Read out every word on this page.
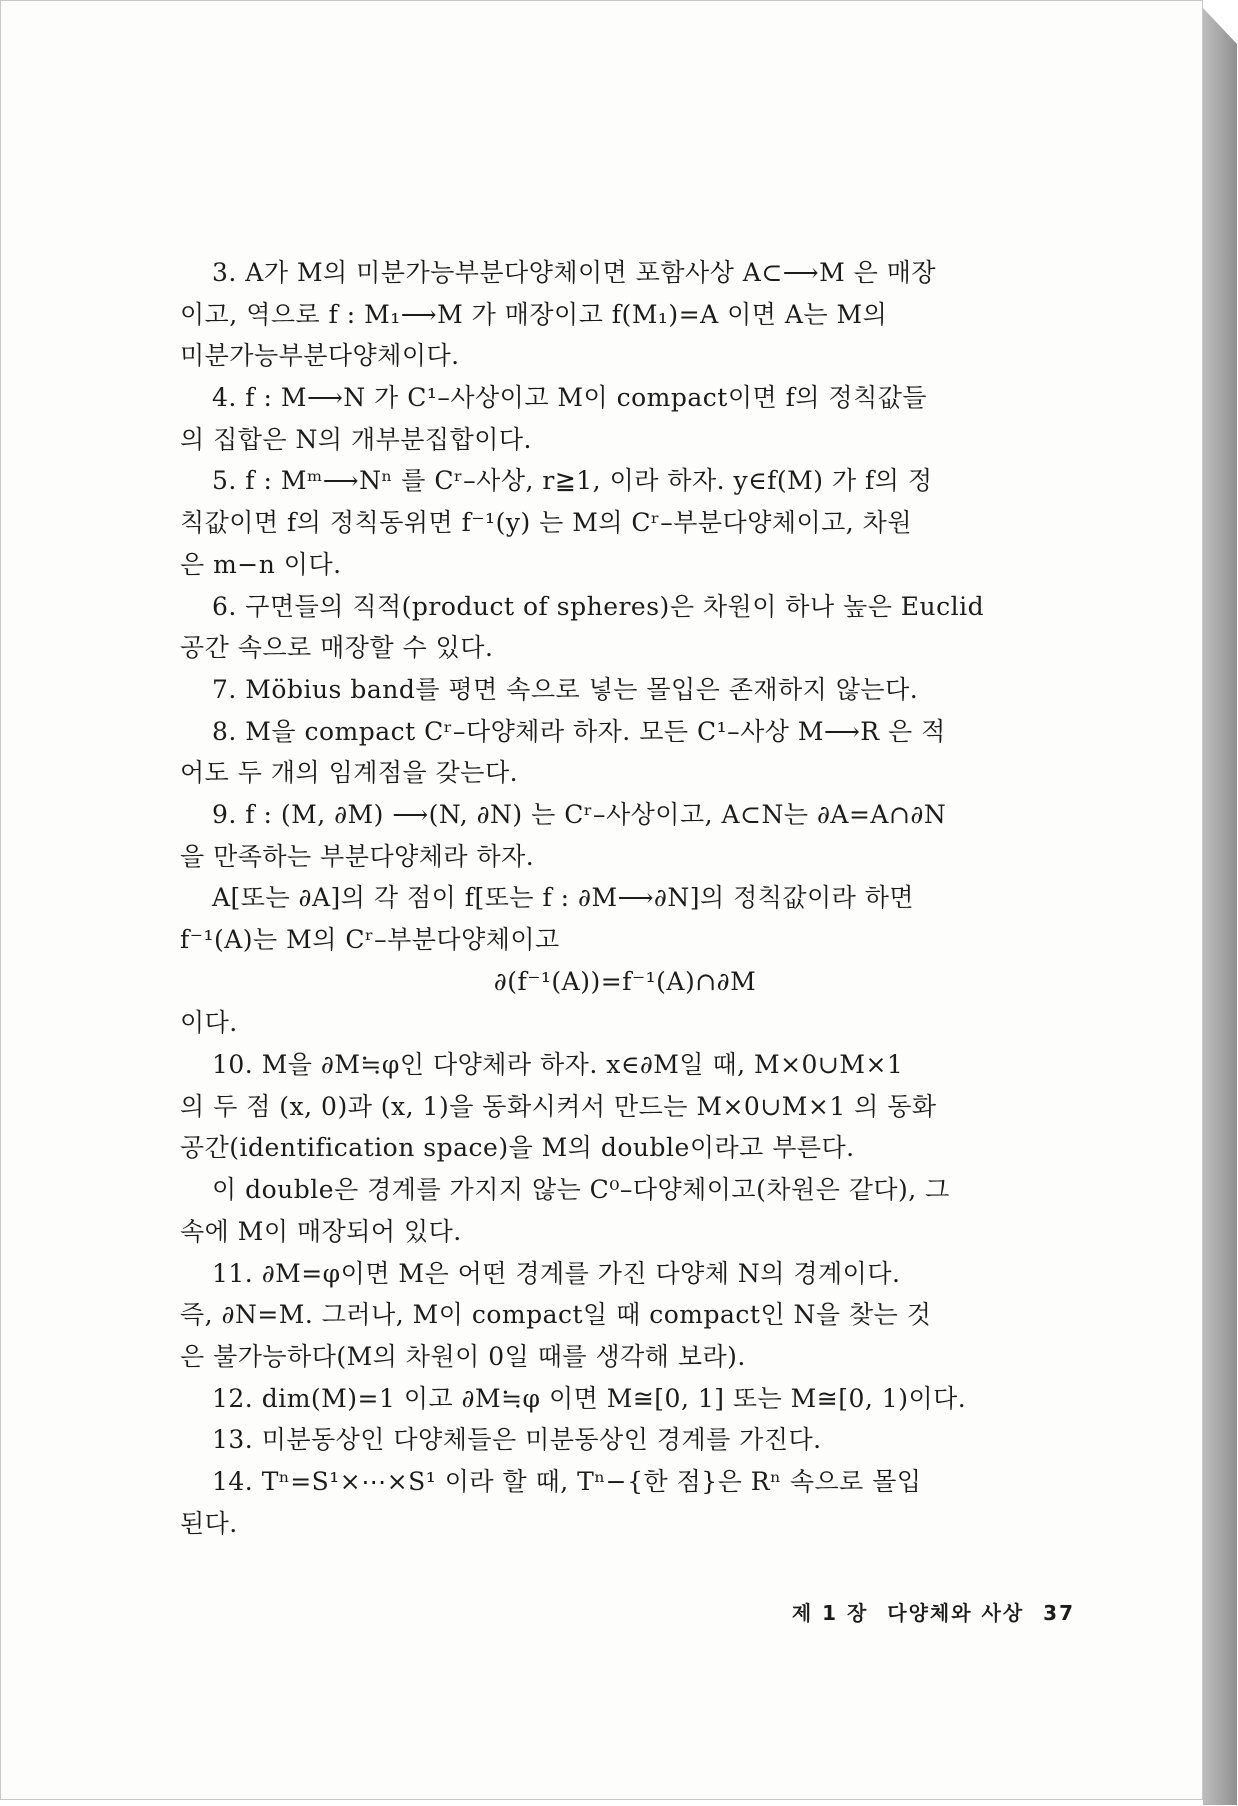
3. A가 M의 미분가능부분다양체이면 포함사상 A⊂⟶M 은 매장
이고, 역으로 f : M₁⟶M 가 매장이고 f(M₁)=A 이면 A는 M의
미분가능부분다양체이다.
4. f : M⟶N 가 C¹–사상이고 M이 compact이면 f의 정칙값들
의 집합은 N의 개부분집합이다.
5. f : Mᵐ⟶Nⁿ 를 Cʳ–사상, r≧1, 이라 하자. y∈f(M) 가 f의 정
칙값이면 f의 정칙동위면 f⁻¹(y) 는 M의 Cʳ–부분다양체이고, 차원
은 m−n 이다.
6. 구면들의 직적(product of spheres)은 차원이 하나 높은 Euclid
공간 속으로 매장할 수 있다.
7. Möbius band를 평면 속으로 넣는 몰입은 존재하지 않는다.
8. M을 compact Cʳ–다양체라 하자. 모든 C¹–사상 M⟶R 은 적
어도 두 개의 임계점을 갖는다.
9. f : (M, ∂M) ⟶(N, ∂N) 는 Cʳ–사상이고, A⊂N는 ∂A=A∩∂N
을 만족하는 부분다양체라 하자.
A[또는 ∂A]의 각 점이 f[또는 f : ∂M⟶∂N]의 정칙값이라 하면
f⁻¹(A)는 M의 Cʳ–부분다양체이고
∂(f⁻¹(A))=f⁻¹(A)∩∂M
이다.
10. M을 ∂M≒φ인 다양체라 하자. x∈∂M일 때, M×0∪M×1
의 두 점 (x, 0)과 (x, 1)을 동화시켜서 만드는 M×0∪M×1 의 동화
공간(identification space)을 M의 double이라고 부른다.
이 double은 경계를 가지지 않는 C⁰–다양체이고(차원은 같다), 그
속에 M이 매장되어 있다.
11. ∂M=φ이면 M은 어떤 경계를 가진 다양체 N의 경계이다.
즉, ∂N=M. 그러나, M이 compact일 때 compact인 N을 찾는 것
은 불가능하다(M의 차원이 0일 때를 생각해 보라).
12. dim(M)=1 이고 ∂M≒φ 이면 M≅[0, 1] 또는 M≅[0, 1)이다.
13. 미분동상인 다양체들은 미분동상인 경계를 가진다.
14. Tⁿ=S¹×⋯×S¹ 이라 할 때, Tⁿ−{한 점}은 Rⁿ 속으로 몰입
된다.
제 1 장 다양체와 사상 37
